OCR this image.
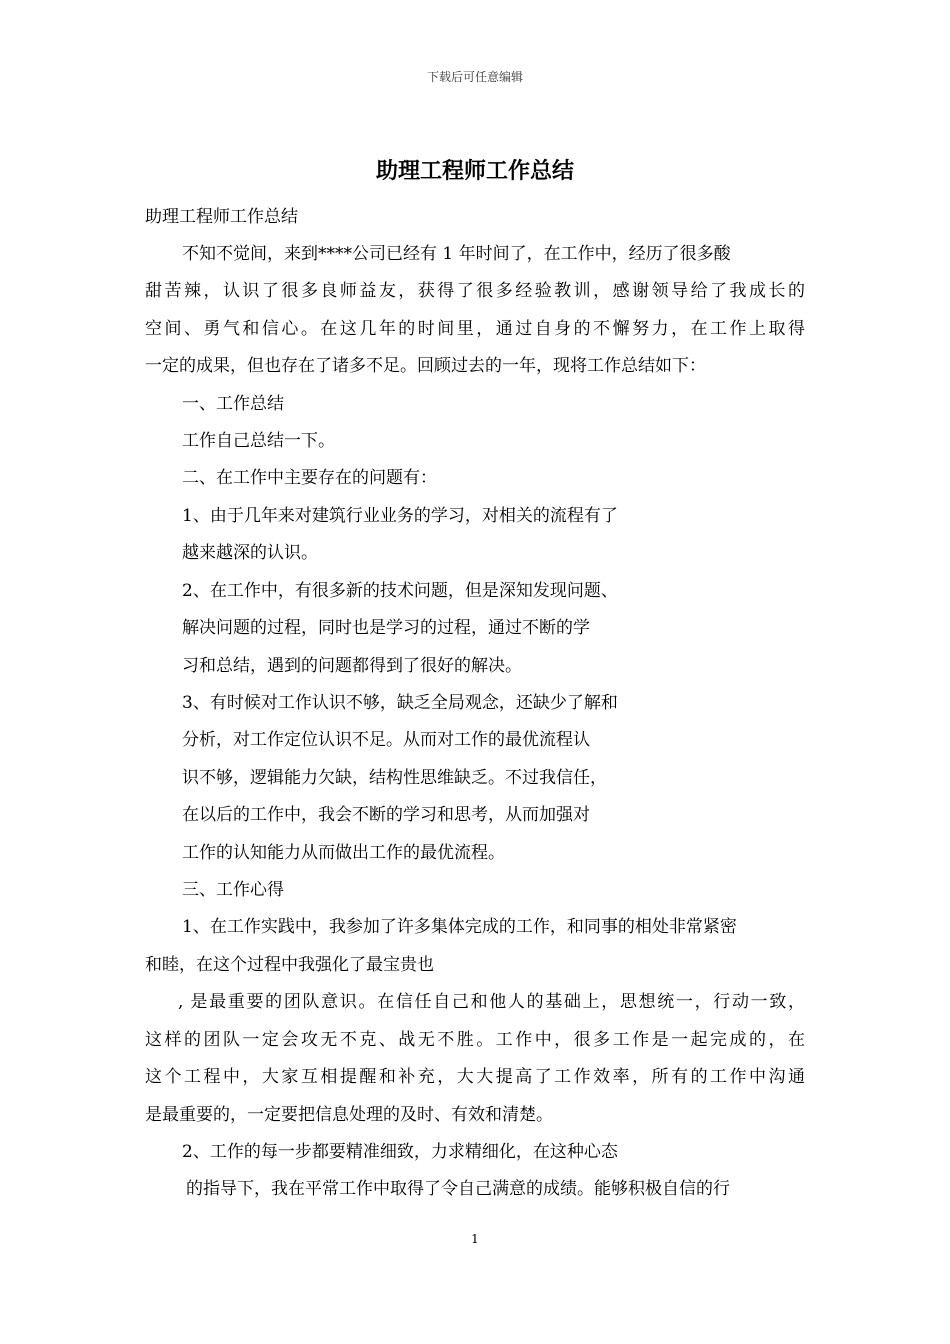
下载后可任意编辑
助理工程师工作总结
助理工程师工作总结
不知不觉间，来到****公司已经有 1 年时间了，在工作中，经历了很多酸
甜苦辣，认识了很多良师益友，获得了很多经验教训，感谢领导给了我成长的
空间、勇气和信心。在这几年的时间里，通过自身的不懈努力，在工作上取得
一定的成果，但也存在了诸多不足。回顾过去的一年，现将工作总结如下：
一、工作总结
工作自己总结一下。
二、在工作中主要存在的问题有：
1、由于几年来对建筑行业业务的学习，对相关的流程有了
越来越深的认识。
2、在工作中，有很多新的技术问题，但是深知发现问题、
解决问题的过程，同时也是学习的过程，通过不断的学
习和总结，遇到的问题都得到了很好的解决。
3、有时候对工作认识不够，缺乏全局观念，还缺少了解和
分析，对工作定位认识不足。从而对工作的最优流程认
识不够，逻辑能力欠缺，结构性思维缺乏。不过我信任，
在以后的工作中，我会不断的学习和思考，从而加强对
工作的认知能力从而做出工作的最优流程。
三、工作心得
1、在工作实践中，我参加了许多集体完成的工作，和同事的相处非常紧密
和睦，在这个过程中我强化了最宝贵也
, 是最重要的团队意识。在信任自己和他人的基础上，思想统一，行动一致，
这样的团队一定会攻无不克、战无不胜。工作中，很多工作是一起完成的，在
这个工程中，大家互相提醒和补充，大大提高了工作效率，所有的工作中沟通
是最重要的，一定要把信息处理的及时、有效和清楚。
2、工作的每一步都要精准细致，力求精细化，在这种心态
的指导下，我在平常工作中取得了令自己满意的成绩。能够积极自信的行
1
